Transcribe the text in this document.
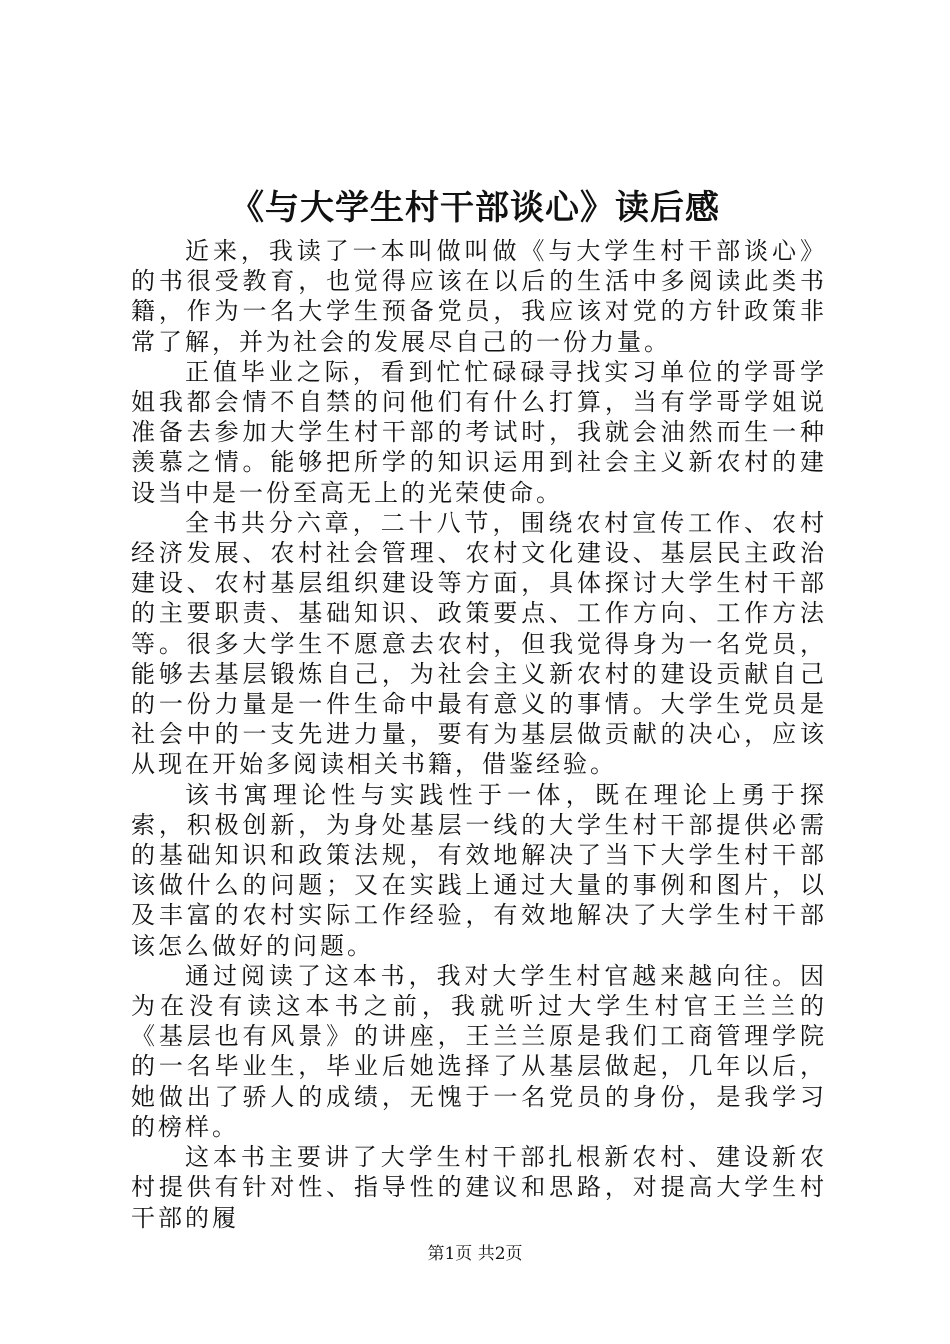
《与大学生村干部谈心》读后感

近来，我读了一本叫做叫做《与大学生村干部谈心》的书很受教育，也觉得应该在以后的生活中多阅读此类书籍，作为一名大学生预备党员，我应该对党的方针政策非常了解，并为社会的发展尽自己的一份力量。

正值毕业之际，看到忙忙碌碌寻找实习单位的学哥学姐我都会情不自禁的问他们有什么打算，当有学哥学姐说准备去参加大学生村干部的考试时，我就会油然而生一种羡慕之情。能够把所学的知识运用到社会主义新农村的建设当中是一份至高无上的光荣使命。

全书共分六章，二十八节，围绕农村宣传工作、农村经济发展、农村社会管理、农村文化建设、基层民主政治建设、农村基层组织建设等方面，具体探讨大学生村干部的主要职责、基础知识、政策要点、工作方向、工作方法等。很多大学生不愿意去农村，但我觉得身为一名党员，能够去基层锻炼自己，为社会主义新农村的建设贡献自己的一份力量是一件生命中最有意义的事情。大学生党员是社会中的一支先进力量，要有为基层做贡献的决心，应该从现在开始多阅读相关书籍，借鉴经验。

该书寓理论性与实践性于一体，既在理论上勇于探索，积极创新，为身处基层一线的大学生村干部提供必需的基础知识和政策法规，有效地解决了当下大学生村干部该做什么的问题；又在实践上通过大量的事例和图片，以及丰富的农村实际工作经验，有效地解决了大学生村干部该怎么做好的问题。

通过阅读了这本书，我对大学生村官越来越向往。因为在没有读这本书之前，我就听过大学生村官王兰兰的《基层也有风景》的讲座，王兰兰原是我们工商管理学院的一名毕业生，毕业后她选择了从基层做起，几年以后，她做出了骄人的成绩，无愧于一名党员的身份，是我学习的榜样。

这本书主要讲了大学生村干部扎根新农村、建设新农村提供有针对性、指导性的建议和思路，对提高大学生村干部的履

第1页 共2页
